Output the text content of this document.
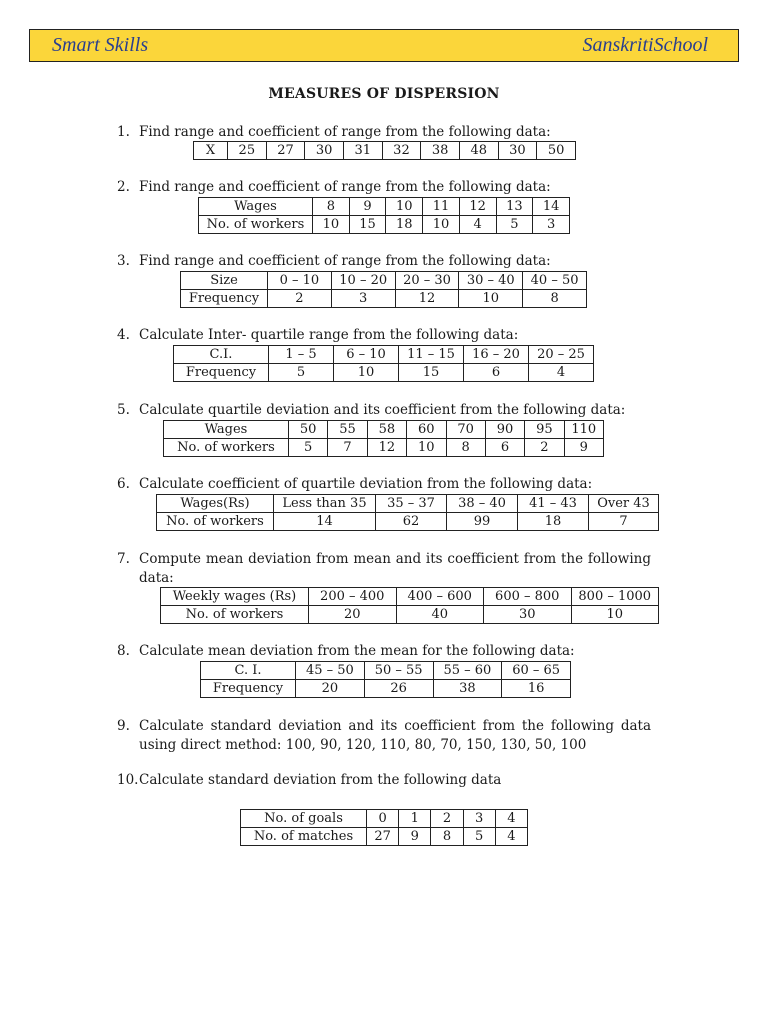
Smart Skills	SanskritiSchool
MEASURES OF DISPERSION
1. Find range and coefficient of range from the following data:
X	25	27	30	31	32	38	48	30	50
2. Find range and coefficient of range from the following data:
Wages	8	9	10	11	12	13	14
No. of workers	10	15	18	10	4	5	3
3. Find range and coefficient of range from the following data:
Size	0 – 10	10 – 20	20 – 30	30 – 40	40 – 50
Frequency	2	3	12	10	8
4. Calculate Inter- quartile range from the following data:
C.I.	1 – 5	6 – 10	11 – 15	16 – 20	20 – 25
Frequency	5	10	15	6	4
5. Calculate quartile deviation and its coefficient from the following data:
Wages	50	55	58	60	70	90	95	110
No. of workers	5	7	12	10	8	6	2	9
6. Calculate coefficient of quartile deviation from the following data:
Wages(Rs)	Less than 35	35 – 37	38 – 40	41 – 43	Over 43
No. of workers	14	62	99	18	7
7. Compute mean deviation from mean and its coefficient from the following data:
Weekly wages (Rs)	200 – 400	400 – 600	600 – 800	800 – 1000
No. of workers	20	40	30	10
8. Calculate mean deviation from the mean for the following data:
C. I.	45 – 50	50 – 55	55 – 60	60 – 65
Frequency	20	26	38	16
9. Calculate standard deviation and its coefficient from the following data using direct method: 100, 90, 120, 110, 80, 70, 150, 130, 50, 100
10.Calculate standard deviation from the following data
No. of goals	0	1	2	3	4
No. of matches	27	9	8	5	4
